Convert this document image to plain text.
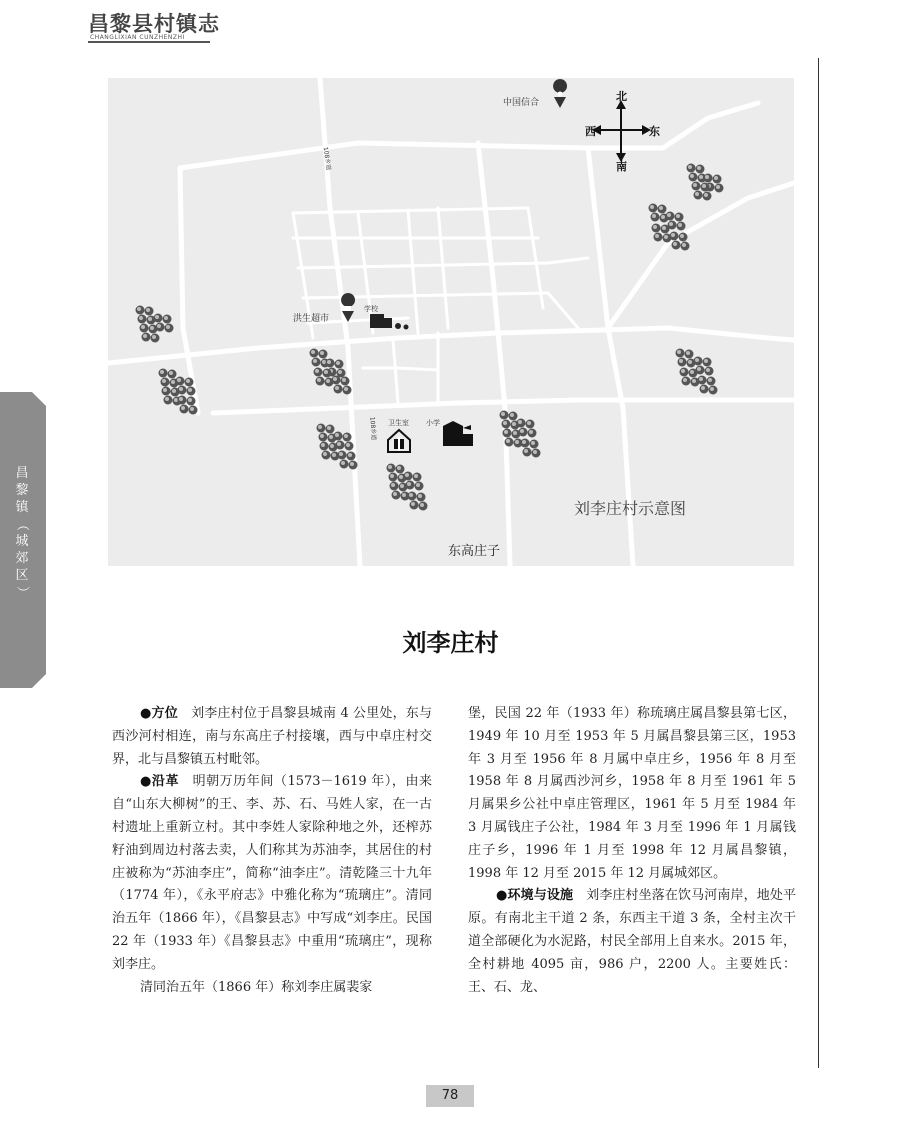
昌黎县村镇志
CHANGLIXIAN CUNZHENZHI
昌
黎
镇
（
城
郊
区
）
中国信合
洪生超市
学校
卫生室 小学
108乡道
108乡道
北
南
西	东
刘李庄村示意图
东高庄子
刘李庄村

●方位　刘李庄村位于昌黎县城南 4 公里处，东与西沙河村相连，南与东高庄子村接壤，西与中卓庄村交界，北与昌黎镇五村毗邻。

●沿革　明朝万历年间（1573－1619 年），由来自“山东大柳树”的王、李、苏、石、马姓人家，在一古村遗址上重新立村。其中李姓人家除种地之外，还榨苏籽油到周边村落去卖，人们称其为苏油李，其居住的村庄被称为“苏油李庄”，简称“油李庄”。清乾隆三十九年（1774 年），《永平府志》中雅化称为“琉璃庄”。清同治五年（1866 年），《昌黎县志》中写成“刘李庄。民国 22 年（1933 年）《昌黎县志》中重用“琉璃庄”，现称刘李庄。

清同治五年（1866 年）称刘李庄属裴家

堡，民国 22 年（1933 年）称琉璃庄属昌黎县第七区，1949 年 10 月至 1953 年 5 月属昌黎县第三区，1953 年 3 月至 1956 年 8 月属中卓庄乡，1956 年 8 月至 1958 年 8 月属西沙河乡，1958 年 8 月至 1961 年 5 月属果乡公社中卓庄管理区，1961 年 5 月至 1984 年 3 月属钱庄子公社，1984 年 3 月至 1996 年 1 月属钱庄子乡，1996 年 1 月至 1998 年 12 月属昌黎镇，1998 年 12 月至 2015 年 12 月属城郊区。

●环境与设施　刘李庄村坐落在饮马河南岸，地处平原。有南北主干道 2 条，东西主干道 3 条，全村主次干道全部硬化为水泥路，村民全部用上自来水。2015 年，全村耕地 4095 亩，986 户，2200 人。主要姓氏：王、石、龙、

78
